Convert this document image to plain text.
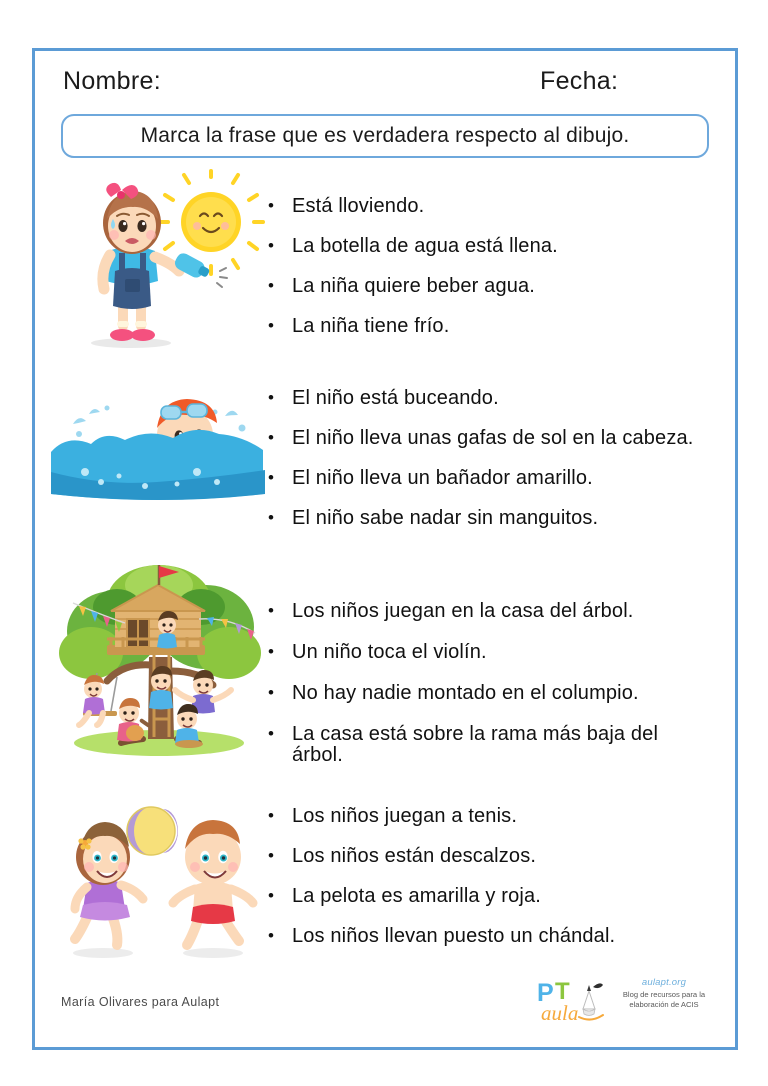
Nombre:	Fecha:
Marca la frase que es verdadera respecto al dibujo.
• Está lloviendo.
• La botella de agua está llena.
• La niña quiere beber agua.
• La niña tiene frío.
• El niño está buceando.
• El niño lleva unas gafas de sol en la cabeza.
• El niño lleva un bañador amarillo.
• El niño sabe nadar sin manguitos.
• Los niños juegan en la casa del árbol.
• Un niño toca el violín.
• No hay nadie montado en el columpio.
• La casa está sobre la rama más baja del árbol.
• Los niños juegan a tenis.
• Los niños están descalzos.
• La pelota es amarilla y roja.
• Los niños llevan puesto un chándal.
María Olivares para Aulapt	P T
aula
aulapt.org
Blog de recursos para la elaboración de ACIS
